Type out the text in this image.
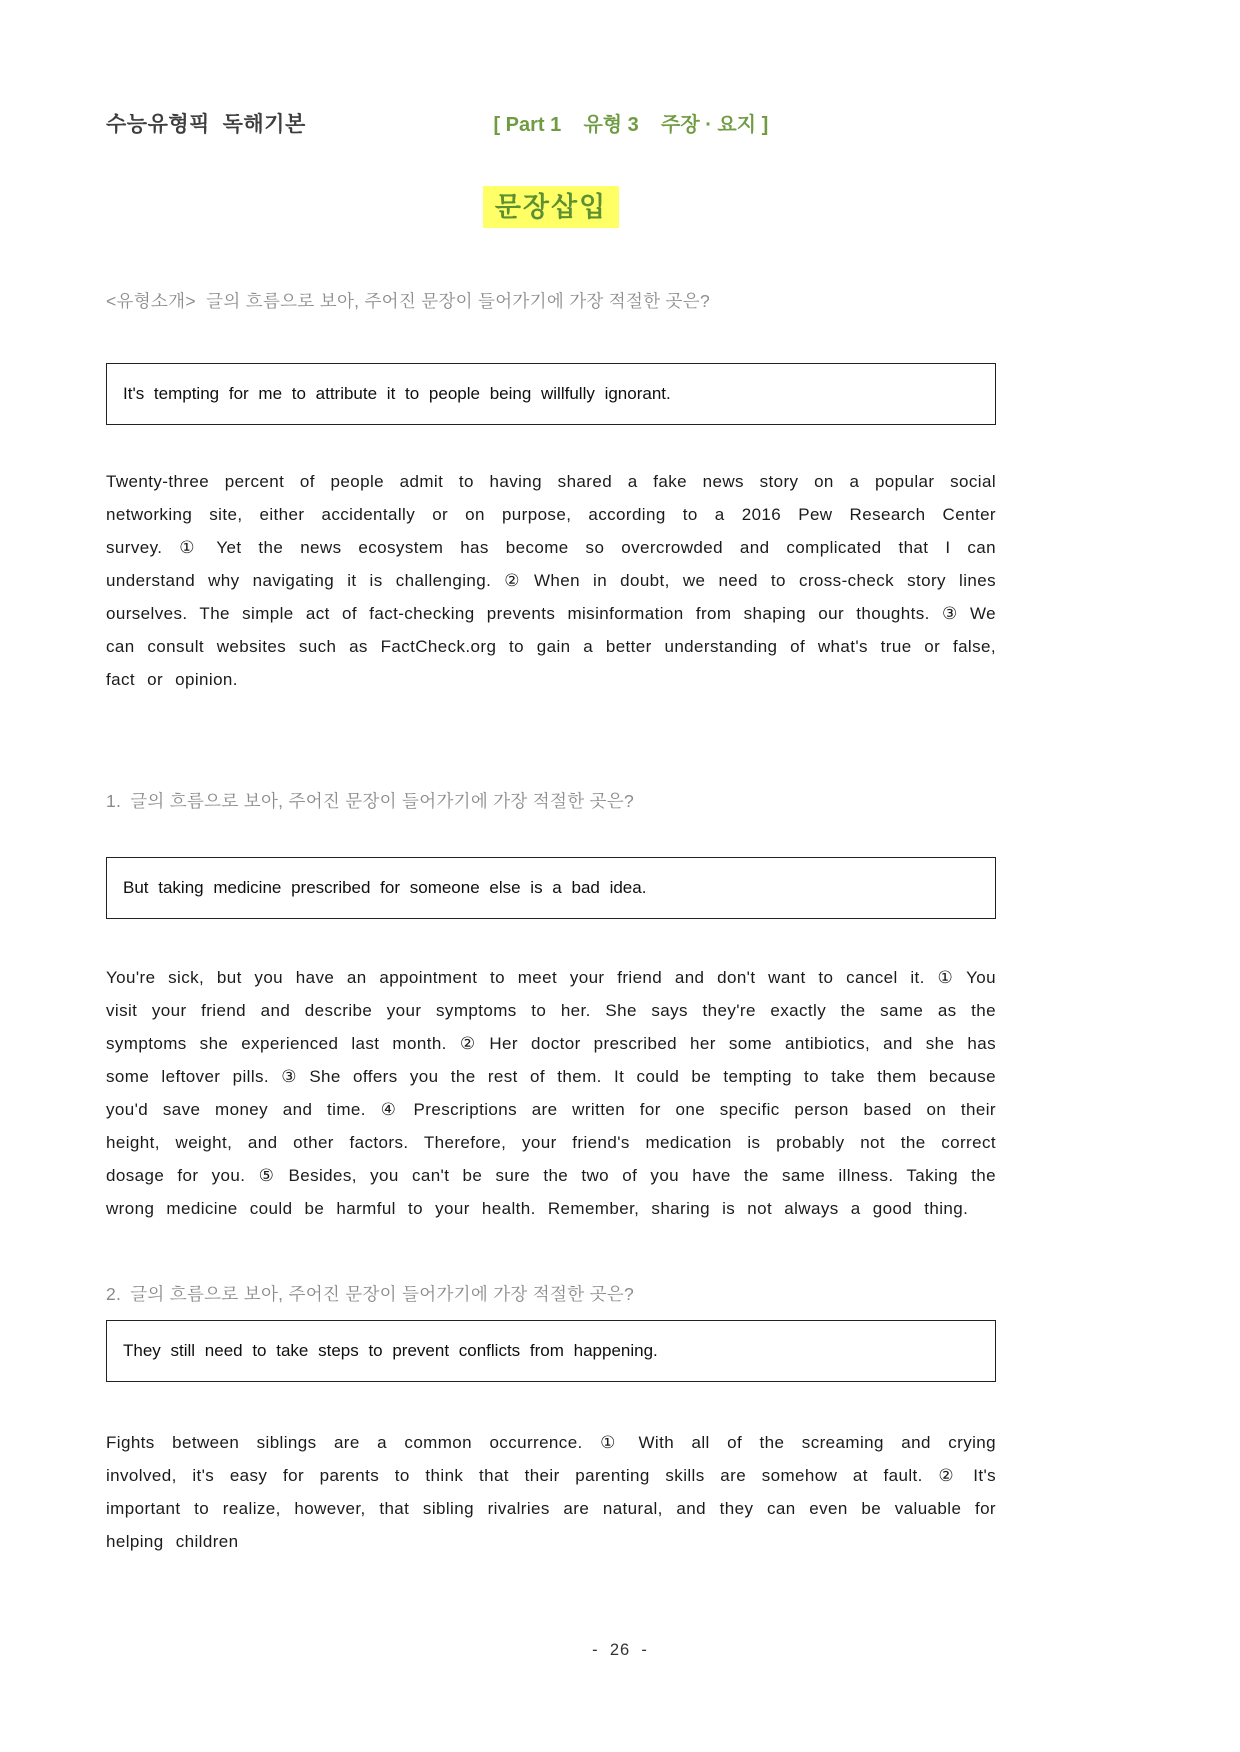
수능유형픽  독해기본	[ Part 1    유형 3    주장 · 요지 ]
문장삽입
<유형소개>  글의 흐름으로 보아, 주어진 문장이 들어가기에 가장 적절한 곳은?
It's tempting for me to attribute it to people being willfully ignorant.
Twenty-three percent of people admit to having shared a fake news story on a popular social networking site, either accidentally or on purpose, according to a 2016 Pew Research Center survey. ① Yet the news ecosystem has become so overcrowded and complicated that I can understand why navigating it is challenging. ② When in doubt, we need to cross-check story lines ourselves. The simple act of fact-checking prevents misinformation from shaping our thoughts. ③ We can consult websites such as FactCheck.org to gain a better understanding of what's true or false, fact or opinion.
1. 글의 흐름으로 보아, 주어진 문장이 들어가기에 가장 적절한 곳은?
But taking medicine prescribed for someone else is a bad idea.
You're sick, but you have an appointment to meet your friend and don't want to cancel it. ① You visit your friend and describe your symptoms to her. She says they're exactly the same as the symptoms she experienced last month. ② Her doctor prescribed her some antibiotics, and she has some leftover pills. ③ She offers you the rest of them. It could be tempting to take them because you'd save money and time. ④ Prescriptions are written for one specific person based on their height, weight, and other factors. Therefore, your friend's medication is probably not the correct dosage for you. ⑤ Besides, you can't be sure the two of you have the same illness. Taking the wrong medicine could be harmful to your health. Remember, sharing is not always a good thing.
2. 글의 흐름으로 보아, 주어진 문장이 들어가기에 가장 적절한 곳은?
They still need to take steps to prevent conflicts from happening.
Fights between siblings are a common occurrence. ① With all of the screaming and crying involved, it's easy for parents to think that their parenting skills are somehow at fault. ② It's important to realize, however, that sibling rivalries are natural, and they can even be valuable for helping children
-  26  -
